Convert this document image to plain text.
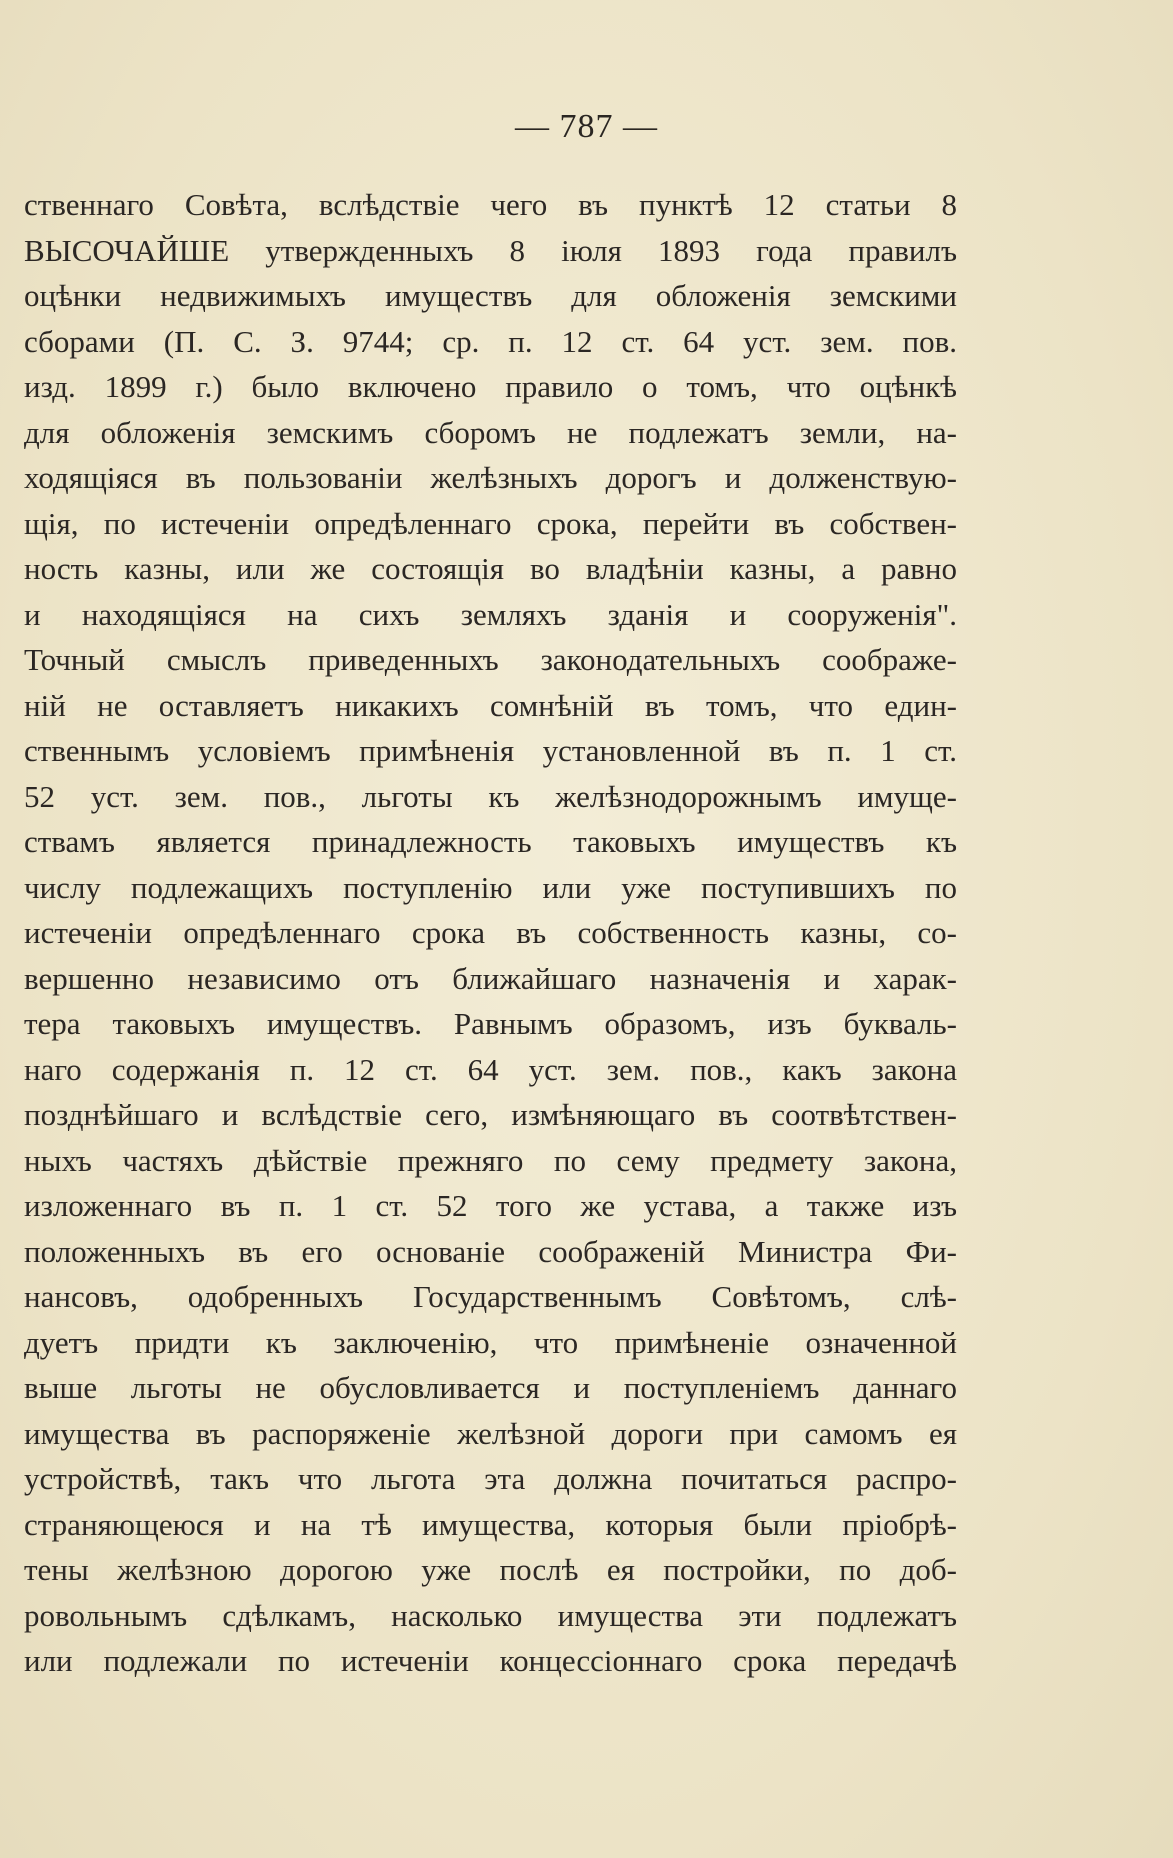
— 787 —
ственнаго Совѣта, вслѣдствіе чего въ пунктѣ 12 статьи 8
ВЫСОЧАЙШЕ утвержденныхъ 8 іюля 1893 года правилъ
оцѣнки недвижимыхъ имуществъ для обложенія земскими
сборами (П. С. З. 9744; ср. п. 12 ст. 64 уст. зем. пов.
изд. 1899 г.) было включено правило о томъ, что оцѣнкѣ
для обложенія земскимъ сборомъ не подлежатъ земли, на-
ходящіяся въ пользованіи желѣзныхъ дорогъ и долженствую-
щія, по истеченіи опредѣленнаго срока, перейти въ собствен-
ность казны, или же состоящія во владѣніи казны, а равно
и находящіяся на сихъ земляхъ зданія и сооруженія".
Точный смыслъ приведенныхъ законодательныхъ соображе-
ній не оставляетъ никакихъ сомнѣній въ томъ, что един-
ственнымъ условіемъ примѣненія установленной въ п. 1 ст.
52 уст. зем. пов., льготы къ желѣзнодорожнымъ имуще-
ствамъ является принадлежность таковыхъ имуществъ къ
числу подлежащихъ поступленію или уже поступившихъ по
истеченіи опредѣленнаго срока въ собственность казны, со-
вершенно независимо отъ ближайшаго назначенія и харак-
тера таковыхъ имуществъ. Равнымъ образомъ, изъ букваль-
наго содержанія п. 12 ст. 64 уст. зем. пов., какъ закона
позднѣйшаго и вслѣдствіе сего, измѣняющаго въ соотвѣтствен-
ныхъ частяхъ дѣйствіе прежняго по сему предмету закона,
изложеннаго въ п. 1 ст. 52 того же устава, а также изъ
положенныхъ въ его основаніе соображеній Министра Фи-
нансовъ, одобренныхъ Государственнымъ Совѣтомъ, слѣ-
дуетъ придти къ заключенію, что примѣненіе означенной
выше льготы не обусловливается и поступленіемъ даннаго
имущества въ распоряженіе желѣзной дороги при самомъ ея
устройствѣ, такъ что льгота эта должна почитаться распро-
страняющеюся и на тѣ имущества, которыя были пріобрѣ-
тены желѣзною дорогою уже послѣ ея постройки, по доб-
ровольнымъ сдѣлкамъ, насколько имущества эти подлежатъ
или подлежали по истеченіи концессіоннаго срока передачѣ
